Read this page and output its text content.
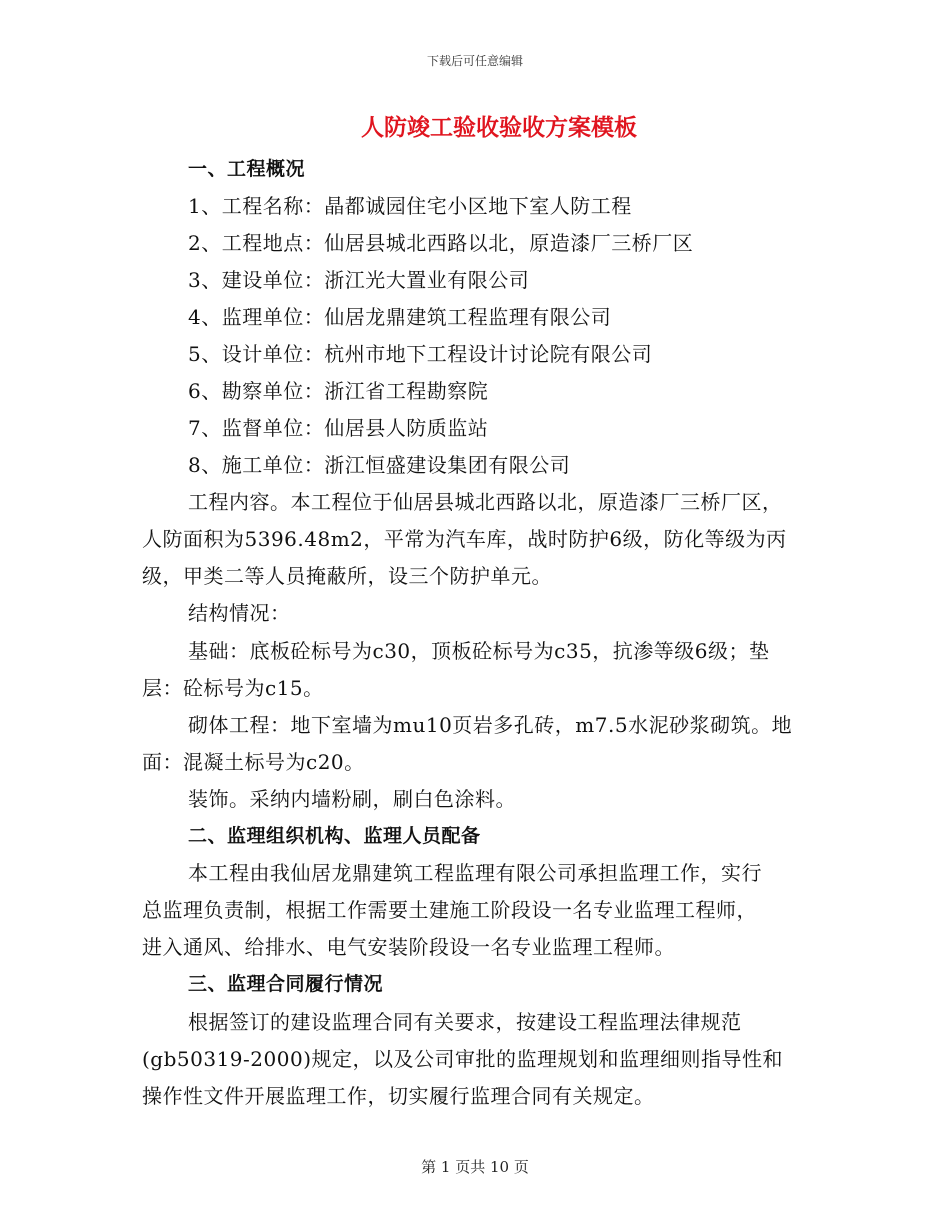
下载后可任意编辑
人防竣工验收验收方案模板
一、工程概况
1、工程名称：晶都诚园住宅小区地下室人防工程
2、工程地点：仙居县城北西路以北，原造漆厂三桥厂区
3、建设单位：浙江光大置业有限公司
4、监理单位：仙居龙鼎建筑工程监理有限公司
5、设计单位：杭州市地下工程设计讨论院有限公司
6、勘察单位：浙江省工程勘察院
7、监督单位：仙居县人防质监站
8、施工单位：浙江恒盛建设集团有限公司
工程内容。本工程位于仙居县城北西路以北，原造漆厂三桥厂区，
人防面积为5396.48m2，平常为汽车库，战时防护6级，防化等级为丙
级，甲类二等人员掩蔽所，设三个防护单元。
结构情况：
基础：底板砼标号为c30，顶板砼标号为c35，抗渗等级6级；垫
层：砼标号为c15。
砌体工程：地下室墙为mu10页岩多孔砖，m7.5水泥砂浆砌筑。地
面：混凝土标号为c20。
装饰。采纳内墙粉刷，刷白色涂料。
二、监理组织机构、监理人员配备
本工程由我仙居龙鼎建筑工程监理有限公司承担监理工作，实行
总监理负责制，根据工作需要土建施工阶段设一名专业监理工程师，
进入通风、给排水、电气安装阶段设一名专业监理工程师。
三、监理合同履行情况
根据签订的建设监理合同有关要求，按建设工程监理法律规范
(gb50319-2000)规定，以及公司审批的监理规划和监理细则指导性和
操作性文件开展监理工作，切实履行监理合同有关规定。
第 1 页共 10 页
